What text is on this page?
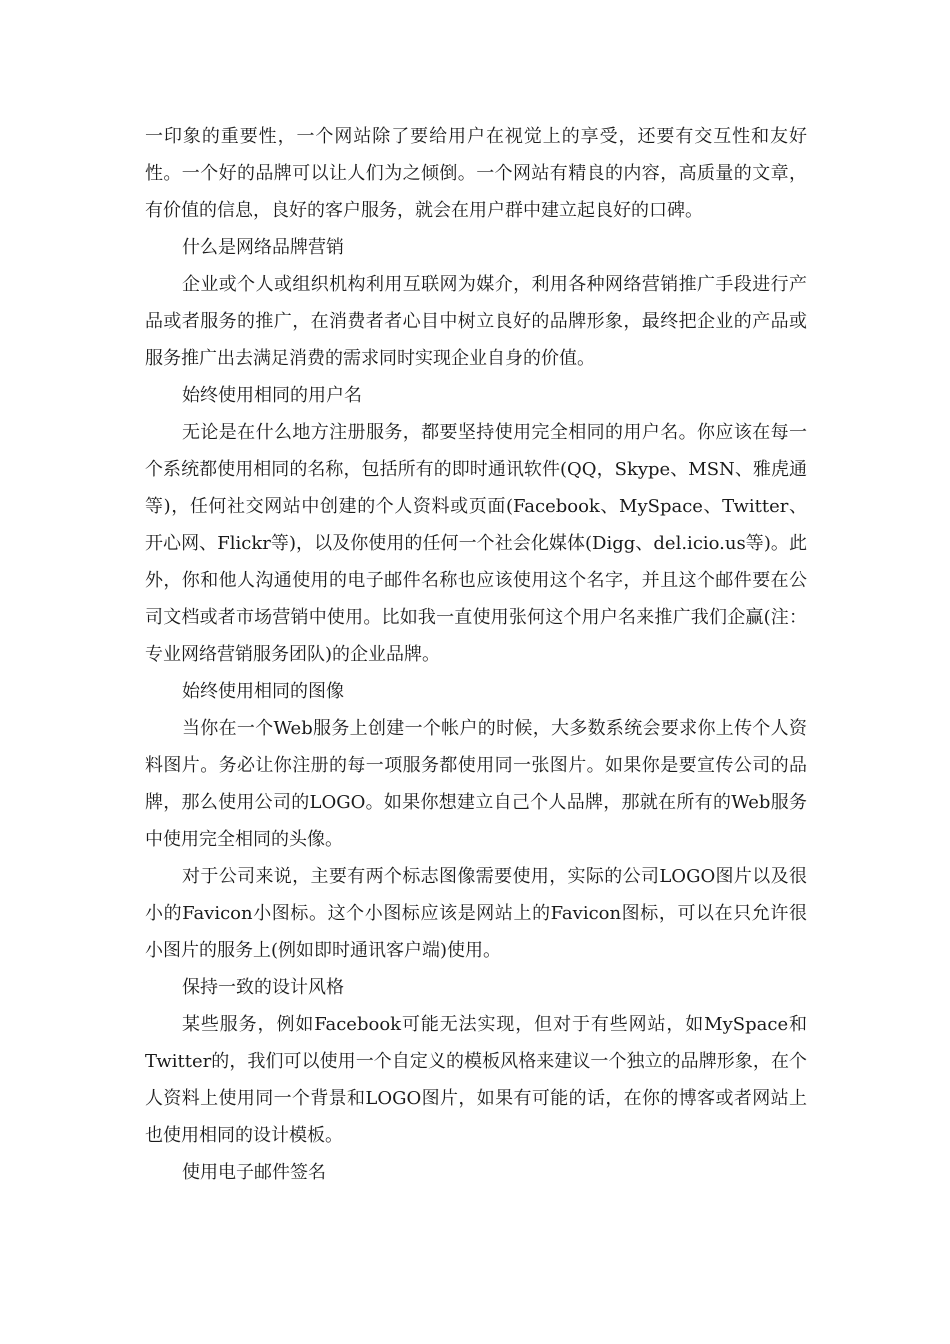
一印象的重要性，一个网站除了要给用户在视觉上的享受，还要有交互性和友好性。一个好的品牌可以让人们为之倾倒。一个网站有精良的内容，高质量的文章，有价值的信息，良好的客户服务，就会在用户群中建立起良好的口碑。

什么是网络品牌营销

企业或个人或组织机构利用互联网为媒介，利用各种网络营销推广手段进行产品或者服务的推广，在消费者者心目中树立良好的品牌形象，最终把企业的产品或服务推广出去满足消费的需求同时实现企业自身的价值。

始终使用相同的用户名

无论是在什么地方注册服务，都要坚持使用完全相同的用户名。你应该在每一个系统都使用相同的名称，包括所有的即时通讯软件(QQ，Skype、MSN、雅虎通等)，任何社交网站中创建的个人资料或页面(Facebook、MySpace、Twitter、开心网、Flickr等)，以及你使用的任何一个社会化媒体(Digg、del.icio.us等)。此外，你和他人沟通使用的电子邮件名称也应该使用这个名字，并且这个邮件要在公司文档或者市场营销中使用。比如我一直使用张何这个用户名来推广我们企赢(注：专业网络营销服务团队)的企业品牌。

始终使用相同的图像

当你在一个Web服务上创建一个帐户的时候，大多数系统会要求你上传个人资料图片。务必让你注册的每一项服务都使用同一张图片。如果你是要宣传公司的品牌，那么使用公司的LOGO。如果你想建立自己个人品牌，那就在所有的Web服务中使用完全相同的头像。

对于公司来说，主要有两个标志图像需要使用，实际的公司LOGO图片以及很小的Favicon小图标。这个小图标应该是网站上的Favicon图标，可以在只允许很小图片的服务上(例如即时通讯客户端)使用。

保持一致的设计风格

某些服务，例如Facebook可能无法实现，但对于有些网站，如MySpace和Twitter的，我们可以使用一个自定义的模板风格来建议一个独立的品牌形象，在个人资料上使用同一个背景和LOGO图片，如果有可能的话，在你的博客或者网站上也使用相同的设计模板。

使用电子邮件签名
